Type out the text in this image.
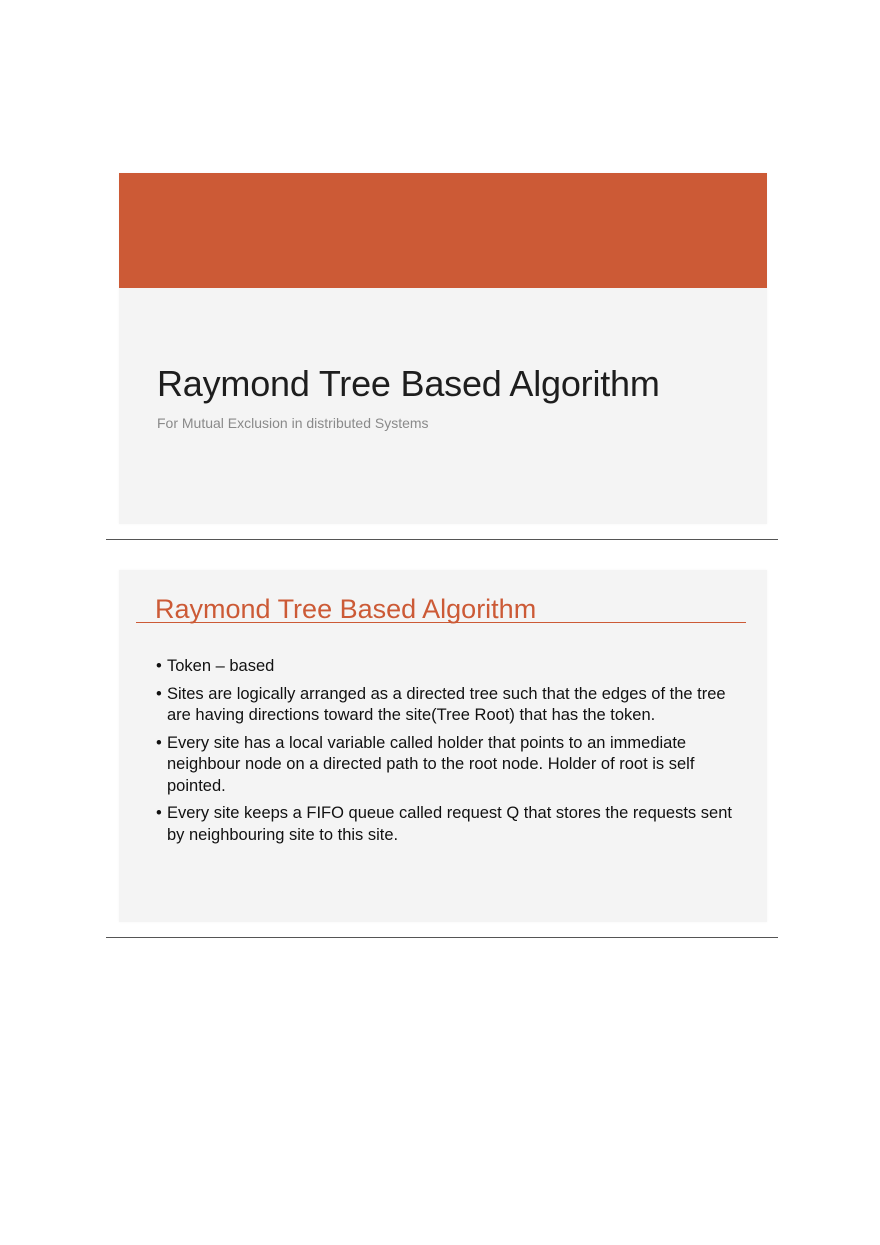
Raymond Tree Based Algorithm

For Mutual Exclusion in distributed Systems

Raymond Tree Based Algorithm
• Token – based
• Sites are logically arranged as a directed tree such that the edges of the tree are having directions toward the site(Tree Root) that has the token.
• Every site has a local variable called holder that points to an immediate neighbour node on a directed path to the root node. Holder of root is self pointed.
• Every site keeps a FIFO queue called request Q that stores the requests sent by neighbouring site to this site.
